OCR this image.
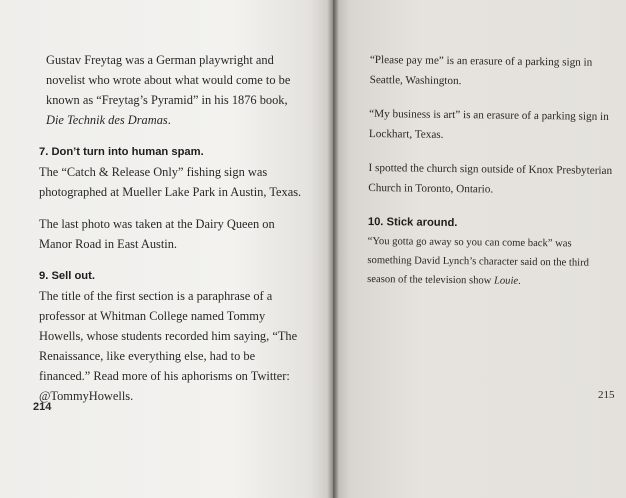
Gustav Freytag was a German playwright and novelist who wrote about what would come to be known as “Freytag’s Pyramid” in his 1876 book, Die Technik des Dramas.

7. Don’t turn into human spam.

The “Catch & Release Only” fishing sign was photographed at Mueller Lake Park in Austin, Texas.

The last photo was taken at the Dairy Queen on Manor Road in East Austin.

9. Sell out.

The title of the first section is a paraphrase of a professor at Whitman College named Tommy Howells, whose students recorded him saying, “The Renaissance, like everything else, had to be financed.” Read more of his aphorisms on Twitter: @TommyHowells.

214

“Please pay me” is an erasure of a parking sign in Seattle, Washington.

“My business is art” is an erasure of a parking sign in Lockhart, Texas.

I spotted the church sign outside of Knox Presbyterian Church in Toronto, Ontario.

10. Stick around.

“You gotta go away so you can come back” was something David Lynch’s character said on the third season of the television show Louie.

215
